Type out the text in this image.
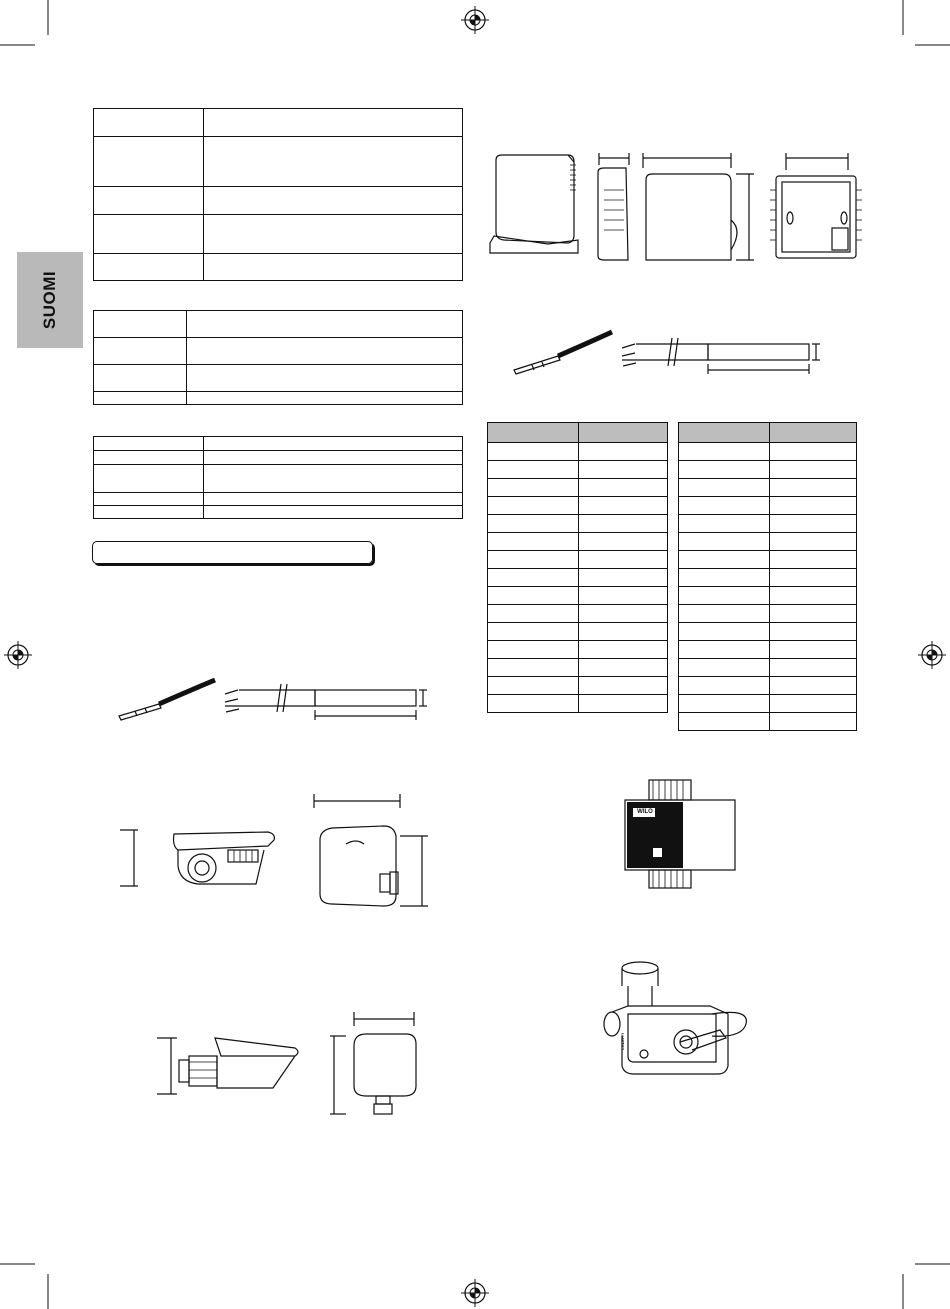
SUOMI

WILO
CALEFFI
